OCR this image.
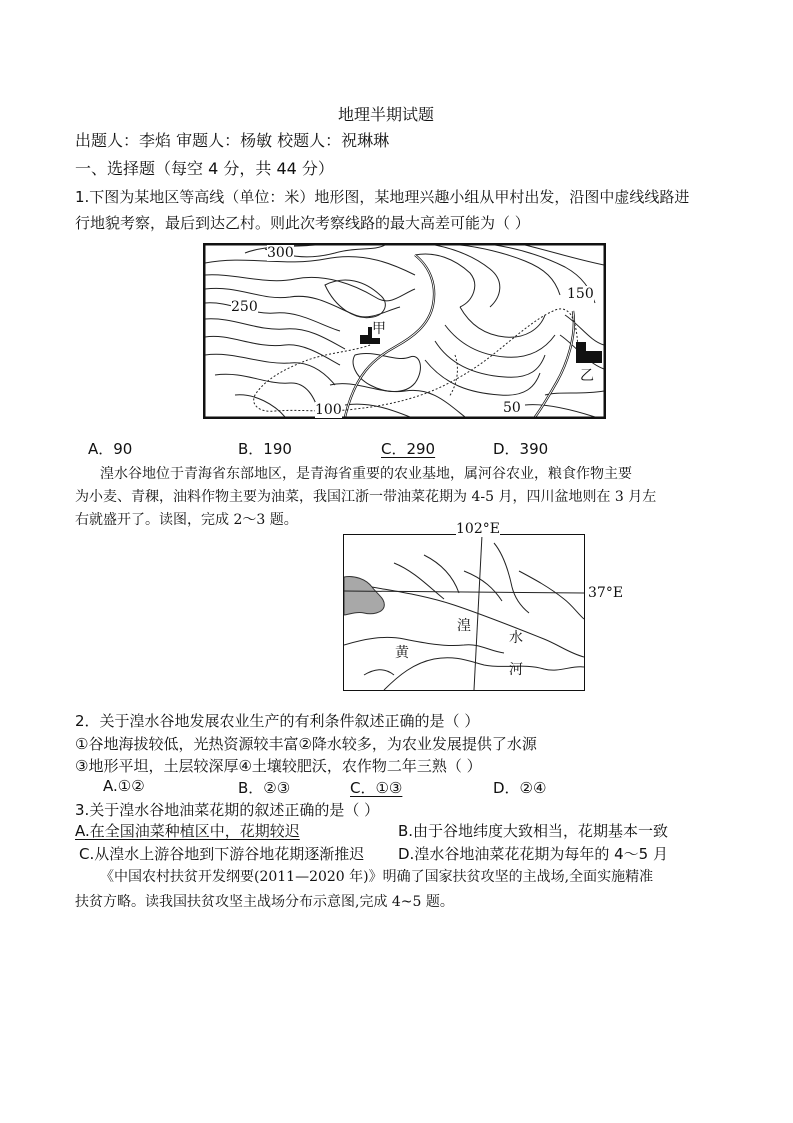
地理半期试题
出题人：李焰 审题人：杨敏 校题人：祝琳琳
一、选择题（每空 4 分，共 44 分）
1.下图为某地区等高线（单位：米）地形图，某地理兴趣小组从甲村出发，沿图中虚线线路进
行地貌考察，最后到达乙村。则此次考察线路的最大高差可能为（ ）
300
250
150
100	50
甲
乙
A．90	B．190	C．290	D．390
湟水谷地位于青海省东部地区，是青海省重要的农业基地，属河谷农业，粮食作物主要
为小麦、青稞，油料作物主要为油菜，我国江浙一带油菜花期为 4-5 月，四川盆地则在 3 月左
右就盛开了。读图，完成 2～3 题。
102°E
37°E
湟
水
黄
河
2．关于湟水谷地发展农业生产的有利条件叙述正确的是（ ）
①谷地海拔较低，光热资源较丰富②降水较多，为农业发展提供了水源
③地形平坦，土层较深厚④土壤较肥沃，农作物二年三熟（ ）
A.①②	B．②③	C．①③	D．②④
3.关于湟水谷地油菜花期的叙述正确的是（ ）
A.在全国油菜种植区中，花期较迟	B.由于谷地纬度大致相当，花期基本一致
C.从湟水上游谷地到下游谷地花期逐渐推迟 D.湟水谷地油菜花花期为每年的 4～5 月
《中国农村扶贫开发纲要(2011—2020 年)》明确了国家扶贫攻坚的主战场,全面实施精准
扶贫方略。读我国扶贫攻坚主战场分布示意图,完成 4~5 题。
